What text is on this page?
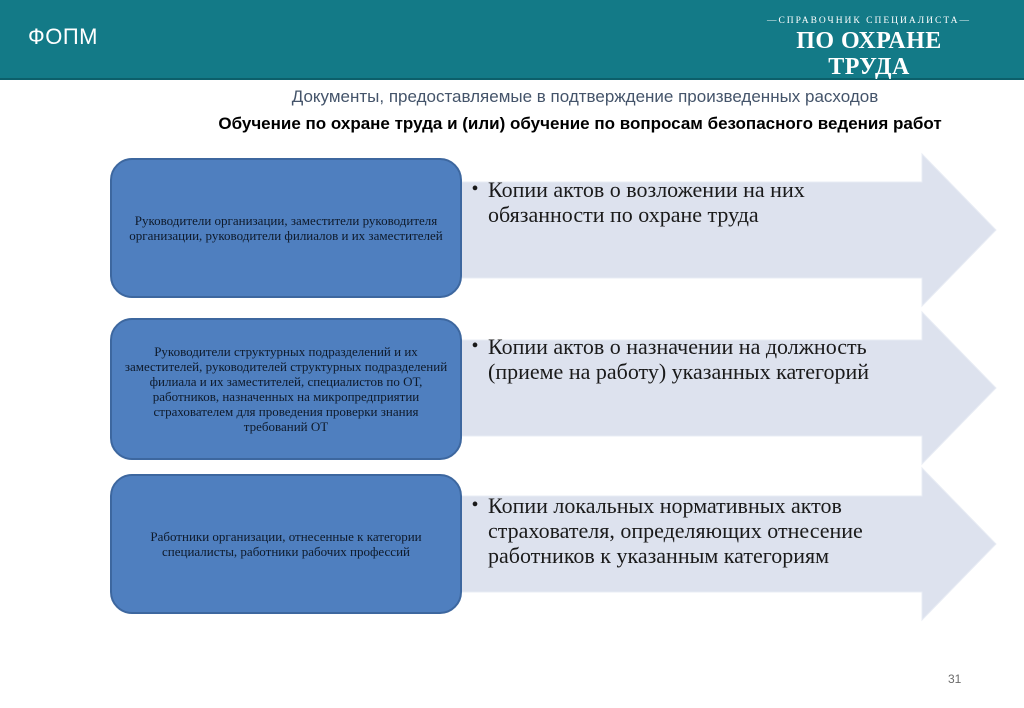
ФОПМ
—СПРАВОЧНИК СПЕЦИАЛИСТА—
ПО ОХРАНЕ ТРУДА
Документы, предоставляемые в подтверждение произведенных расходов
Обучение по охране труда и (или) обучение по вопросам безопасного ведения работ
Руководители организации, заместители руководителя организации, руководители филиалов и их заместителей
• Копии актов о возложении на них обязанности по охране труда
Руководители структурных подразделений и их заместителей, руководителей структурных подразделений филиала и их заместителей, специалистов по ОТ, работников, назначенных на микропредприятии страхователем для проведения проверки знания требований ОТ
• Копии актов о назначении на должность (приеме на работу) указанных категорий
Работники организации, отнесенные к категории специалисты, работники рабочих профессий
• Копии локальных нормативных актов страхователя, определяющих отнесение работников к указанным категориям
31
